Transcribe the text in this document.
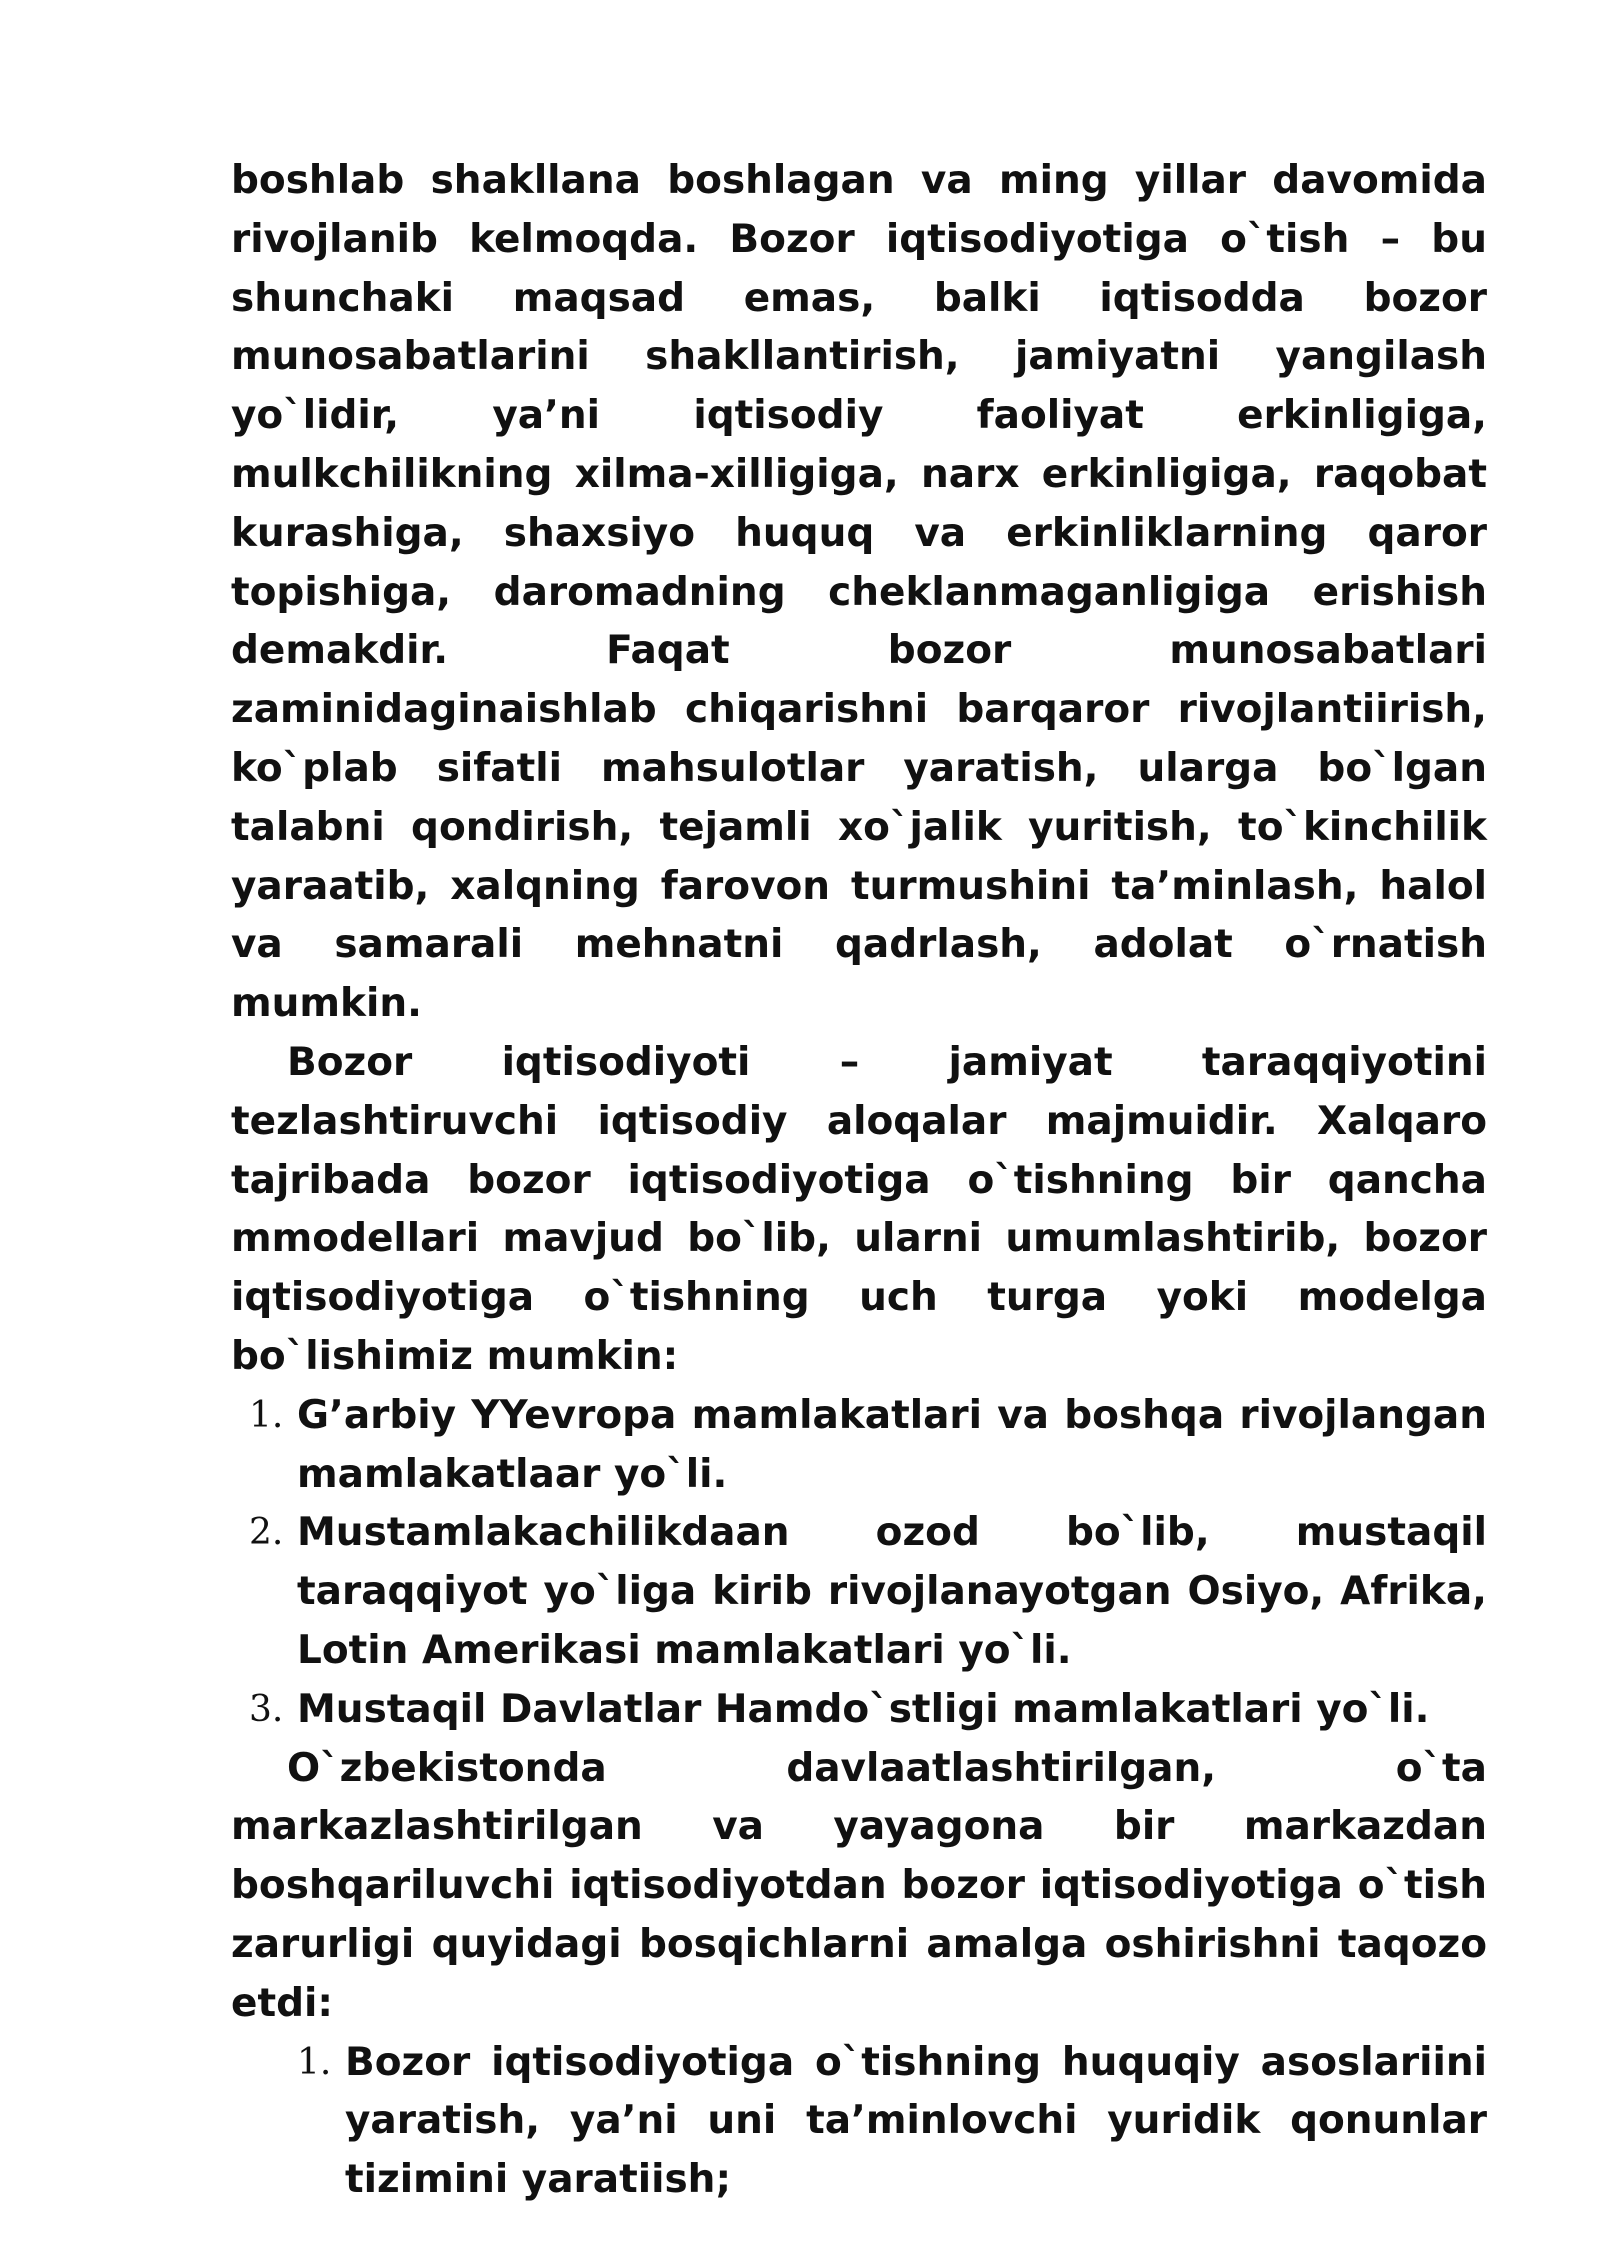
boshlab shakllana boshlagan va ming yillar davomida rivojlanib kelmoqda. Bozor iqtisodiyotiga o`tish – bu shunchaki maqsad emas, balki iqtisodda bozor munosabatlarini shakllantirish, jamiyatni yangilash yo`lidir, ya’ni iqtisodiy faoliyat erkinligiga, mulkchilikning xilma-xilligiga, narx erkinligiga, raqobat kurashiga, shaxsiyo huquq va erkinliklarning qaror topishiga, daromadning cheklanmaganligiga erishish demakdir. Faqat bozor munosabatlari zaminidaginaishlab chiqarishni barqaror rivojlantiirish, ko`plab sifatli mahsulotlar yaratish, ularga bo`lgan talabni qondirish, tejamli xo`jalik yuritish, to`kinchilik yaraatib, xalqning farovon turmushini ta’minlash, halol va samarali mehnatni qadrlash, adolat o`rnatish mumkin.

Bozor iqtisodiyoti – jamiyat taraqqiyotini tezlashtiruvchi iqtisodiy aloqalar majmuidir. Xalqaro tajribada bozor iqtisodiyotiga o`tishning bir qancha mmodellari mavjud bo`lib, ularni umumlashtirib, bozor iqtisodiyotiga o`tishning uch turga yoki modelga bo`lishimiz mumkin:

1. G’arbiy YYevropa mamlakatlari va boshqa rivojlangan mamlakatlaar yo`li.
2. Mustamlakachilikdaan ozod bo`lib, mustaqil taraqqiyot yo`liga kirib rivojlanayotgan Osiyo, Afrika, Lotin Amerikasi mamlakatlari yo`li.
3. Mustaqil Davlatlar Hamdo`stligi mamlakatlari yo`li.

O`zbekistonda davlaatlashtirilgan, o`ta markazlashtirilgan va yayagona bir markazdan boshqariluvchi iqtisodiyotdan bozor iqtisodiyotiga o`tish zarurligi quyidagi bosqichlarni amalga oshirishni taqozo etdi:

1. Bozor iqtisodiyotiga o`tishning huquqiy asoslariini yaratish, ya’ni uni ta’minlovchi yuridik qonunlar tizimini yaratiish;
